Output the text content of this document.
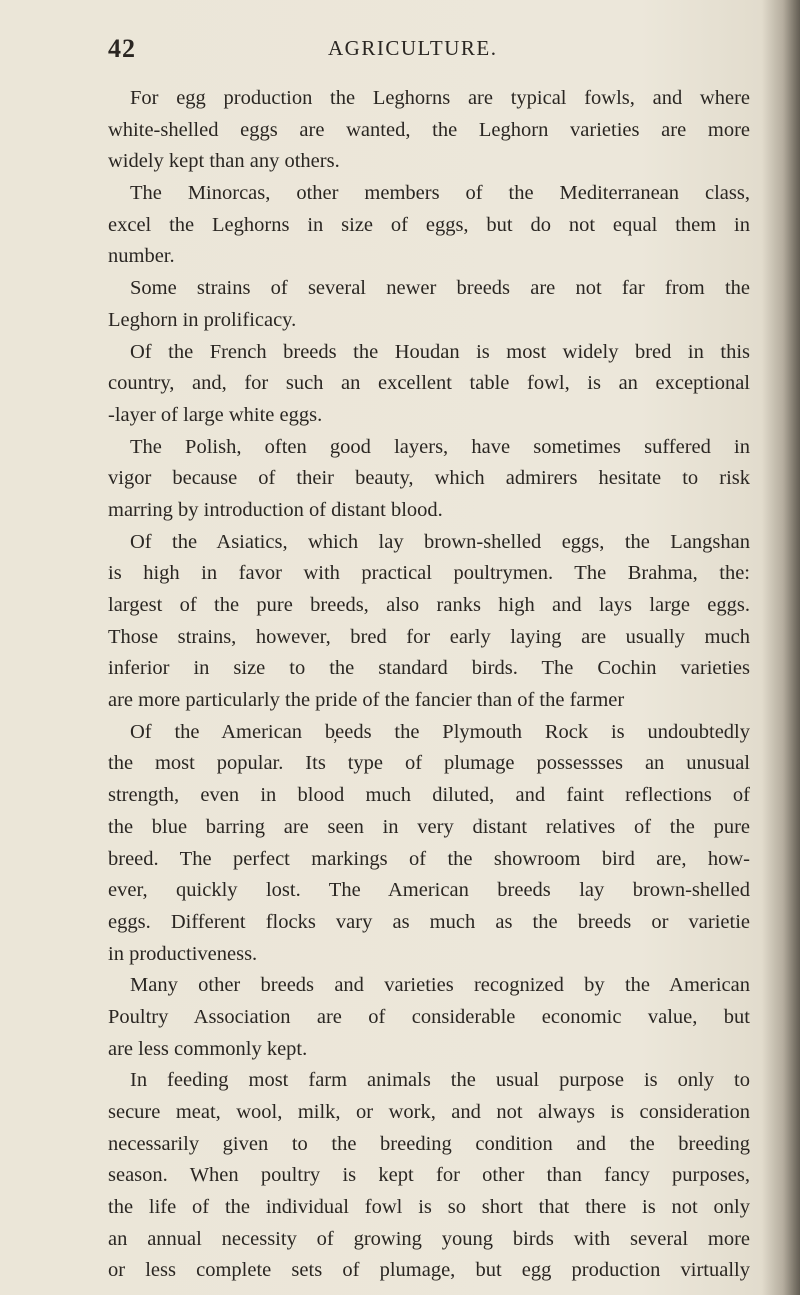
42	AGRICULTURE.
For egg production the Leghorns are typical fowls, and where
white-shelled eggs are wanted, the Leghorn varieties are more
widely kept than any others.
The Minorcas, other members of the Mediterranean class,
excel the Leghorns in size of eggs, but do not equal them in
number.
Some strains of several newer breeds are not far from the
Leghorn in prolificacy.
Of the French breeds the Houdan is most widely bred in this
country, and, for such an excellent table fowl, is an exceptional
-layer of large white eggs.
The Polish, often good layers, have sometimes suffered in
vigor because of their beauty, which admirers hesitate to risk
marring by introduction of distant blood.
Of the Asiatics, which lay brown-shelled eggs, the Langshan
is high in favor with practical poultrymen. The Brahma, the:
largest of the pure breeds, also ranks high and lays large eggs.
Those strains, however, bred for early laying are usually much
inferior in size to the standard birds. The Cochin varieties
are more particularly the pride of the fancier than of the farmer
Of the American b̦eeds the Plymouth Rock is undoubtedly
the most popular. Its type of plumage possessses an unusual
strength, even in blood much diluted, and faint reflections of
the blue barring are seen in very distant relatives of the pure
breed. The perfect markings of the showroom bird are, how-
ever, quickly lost. The American breeds lay brown-shelled
eggs. Different flocks vary as much as the breeds or varietie
in productiveness.
Many other breeds and varieties recognized by the American
Poultry Association are of considerable economic value, but
are less commonly kept.
In feeding most farm animals the usual purpose is only to
secure meat, wool, milk, or work, and not always is consideration
necessarily given to the breeding condition and the breeding
season. When poultry is kept for other than fancy purposes,
the life of the individual fowl is so short that there is not only
an annual necessity of growing young birds with several more
or less complete sets of plumage, but egg production virtually
